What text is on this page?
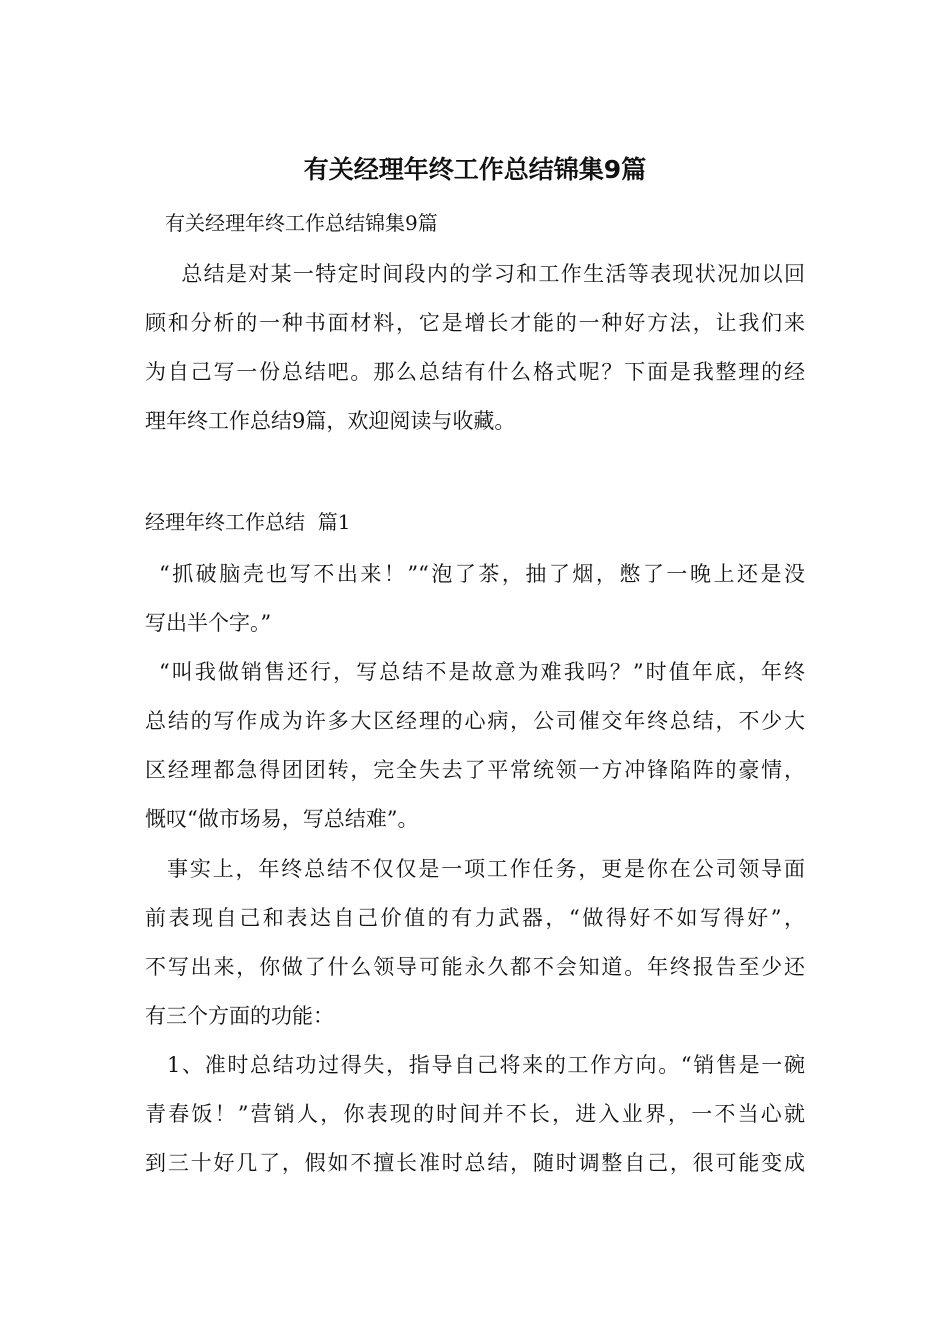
有关经理年终工作总结锦集9篇

有关经理年终工作总结锦集9篇

　总结是对某一特定时间段内的学习和工作生活等表现状况加以回
顾和分析的一种书面材料，它是增长才能的一种好方法，让我们来
为自己写一份总结吧。那么总结有什么格式呢？下面是我整理的经
理年终工作总结9篇，欢迎阅读与收藏。

经理年终工作总结  篇1

“抓破脑壳也写不出来！”“泡了茶，抽了烟，憋了一晚上还是没
写出半个字。”
“叫我做销售还行，写总结不是故意为难我吗？”时值年底，年终
总结的写作成为许多大区经理的心病，公司催交年终总结，不少大
区经理都急得团团转，完全失去了平常统领一方冲锋陷阵的豪情，
慨叹“做市场易，写总结难”。
事实上，年终总结不仅仅是一项工作任务，更是你在公司领导面
前表现自己和表达自己价值的有力武器，“做得好不如写得好”，
不写出来，你做了什么领导可能永久都不会知道。年终报告至少还
有三个方面的功能：
1、准时总结功过得失，指导自己将来的工作方向。“销售是一碗
青春饭！”营销人，你表现的时间并不长，进入业界，一不当心就
到三十好几了，假如不擅长准时总结，随时调整自己，很可能变成
